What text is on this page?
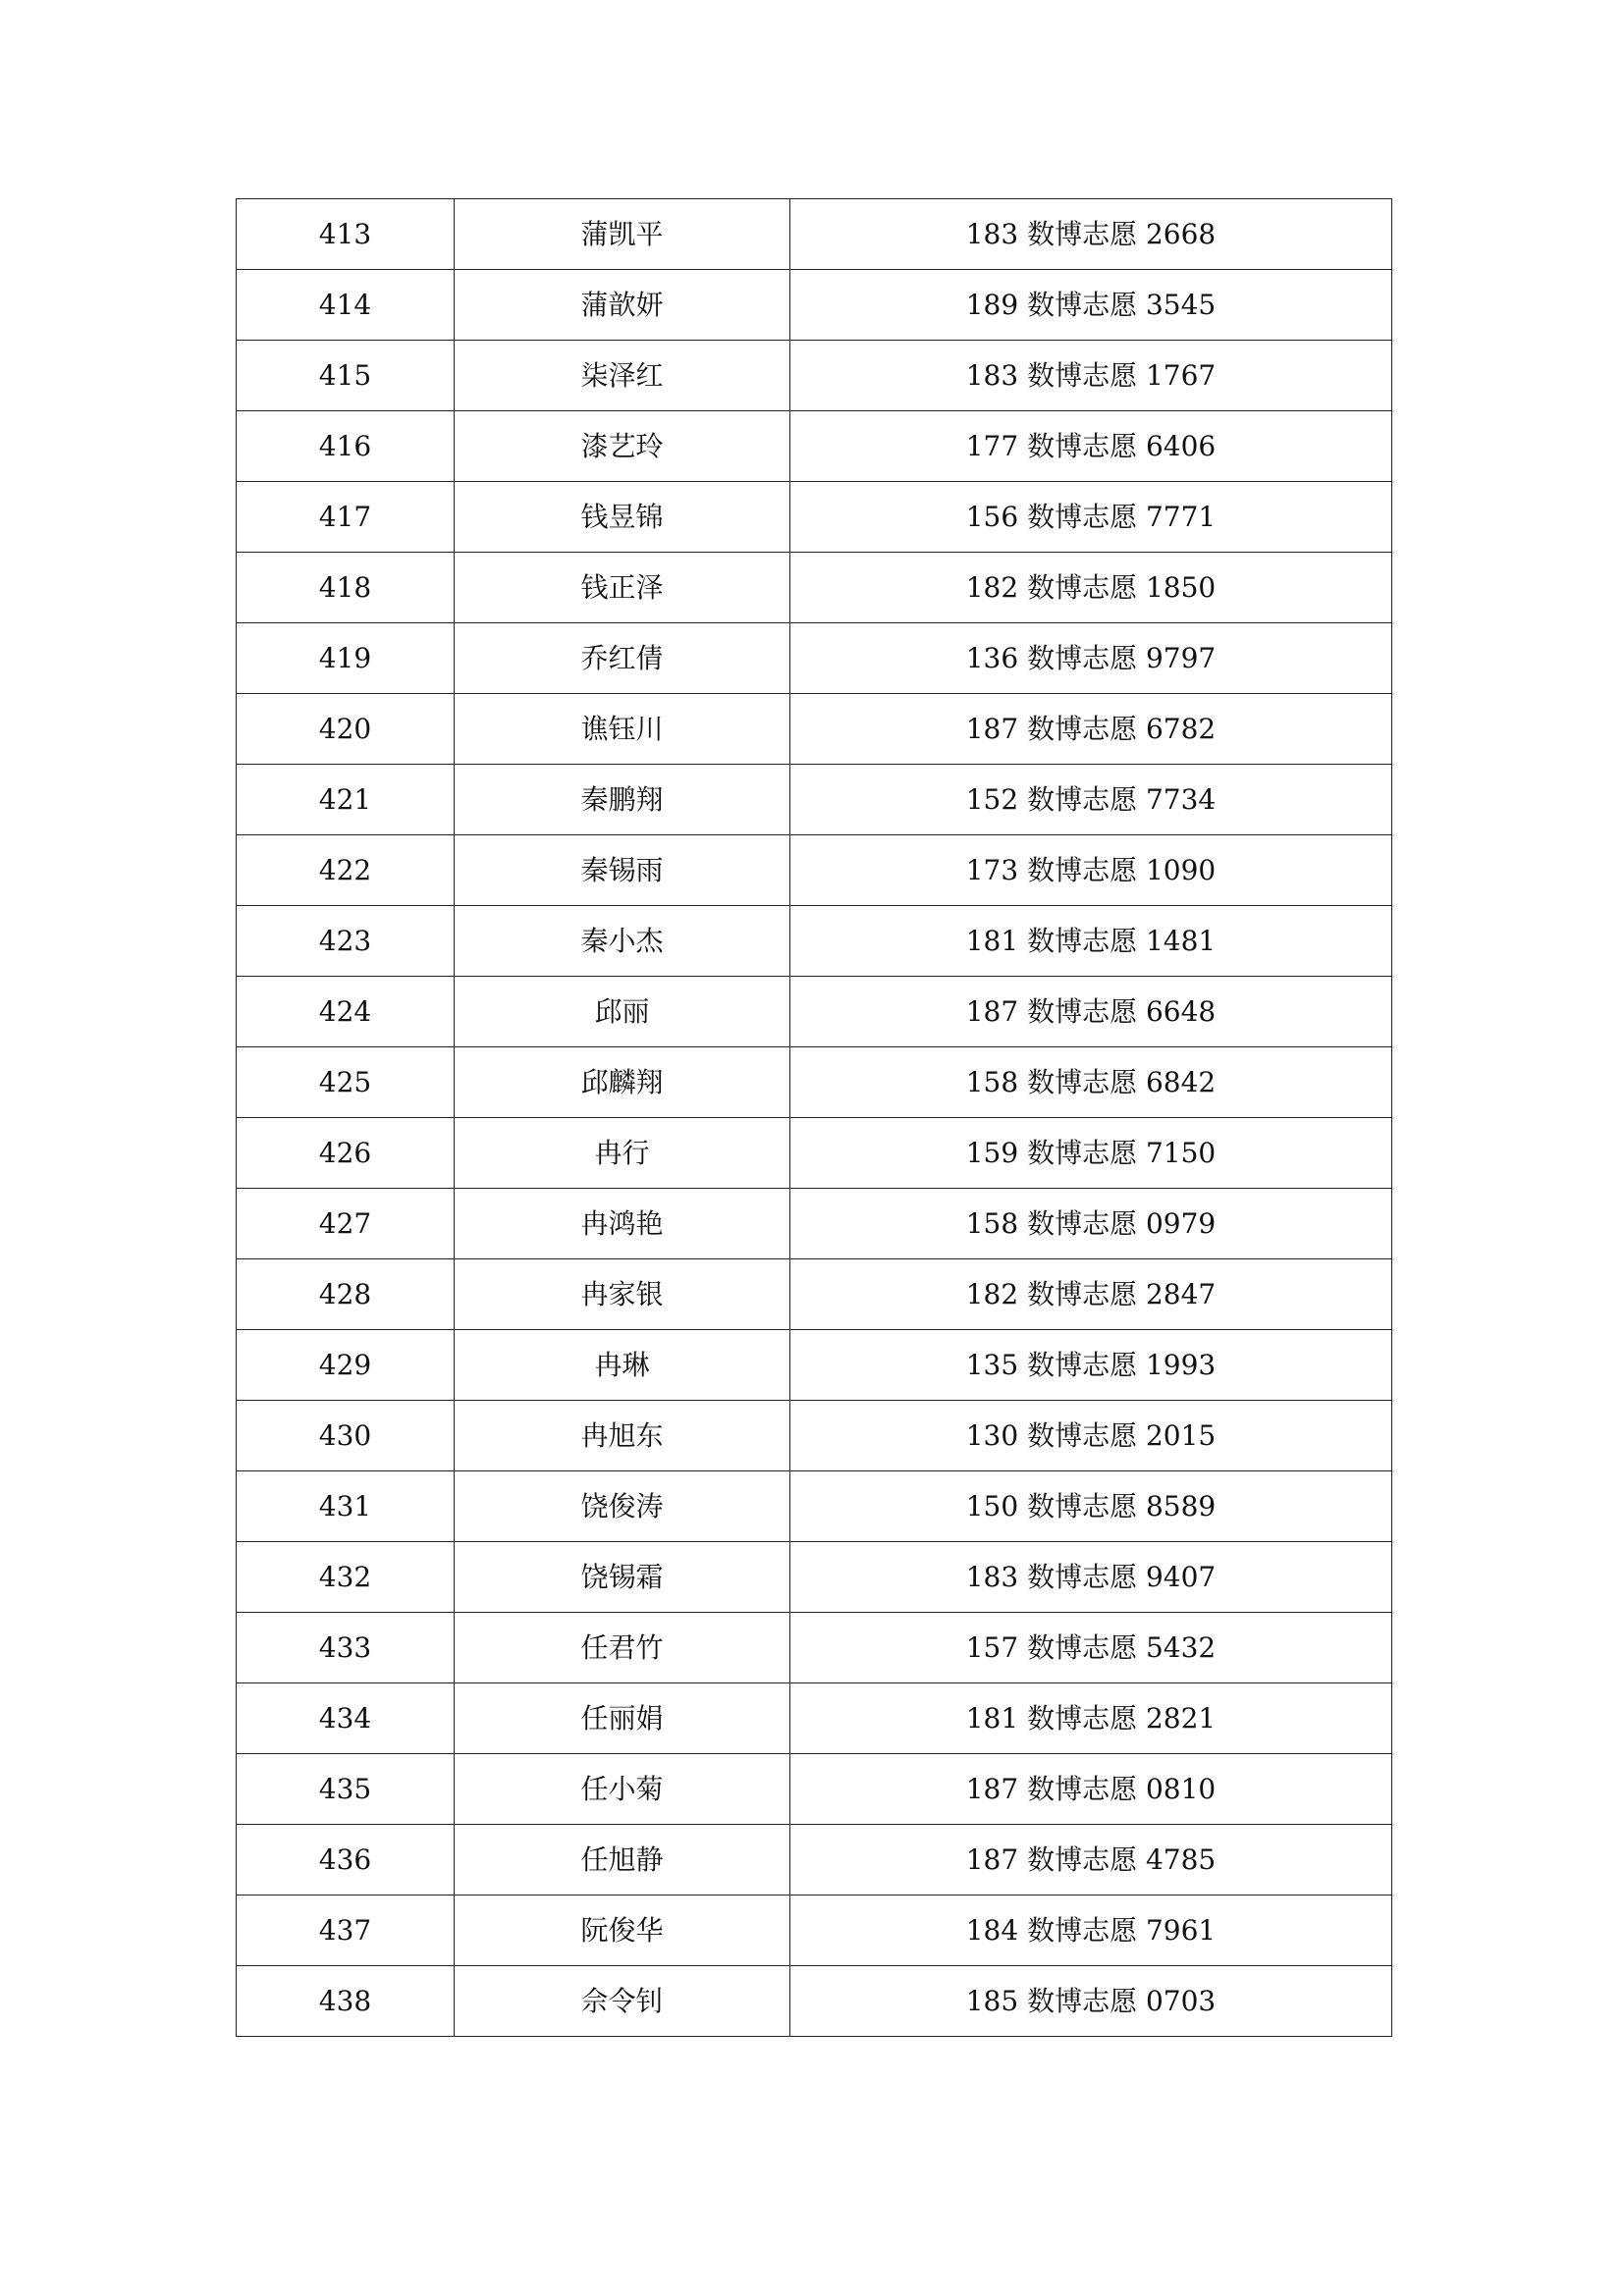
413	蒲凯平	183 数博志愿 2668
414	蒲歆妍	189 数博志愿 3545
415	柒泽红	183 数博志愿 1767
416	漆艺玲	177 数博志愿 6406
417	钱昱锦	156 数博志愿 7771
418	钱正泽	182 数博志愿 1850
419	乔红倩	136 数博志愿 9797
420	谯钰川	187 数博志愿 6782
421	秦鹏翔	152 数博志愿 7734
422	秦锡雨	173 数博志愿 1090
423	秦小杰	181 数博志愿 1481
424	邱丽	187 数博志愿 6648
425	邱麟翔	158 数博志愿 6842
426	冉行	159 数博志愿 7150
427	冉鸿艳	158 数博志愿 0979
428	冉家银	182 数博志愿 2847
429	冉琳	135 数博志愿 1993
430	冉旭东	130 数博志愿 2015
431	饶俊涛	150 数博志愿 8589
432	饶锡霜	183 数博志愿 9407
433	任君竹	157 数博志愿 5432
434	任丽娟	181 数博志愿 2821
435	任小菊	187 数博志愿 0810
436	任旭静	187 数博志愿 4785
437	阮俊华	184 数博志愿 7961
438	佘令钊	185 数博志愿 0703
